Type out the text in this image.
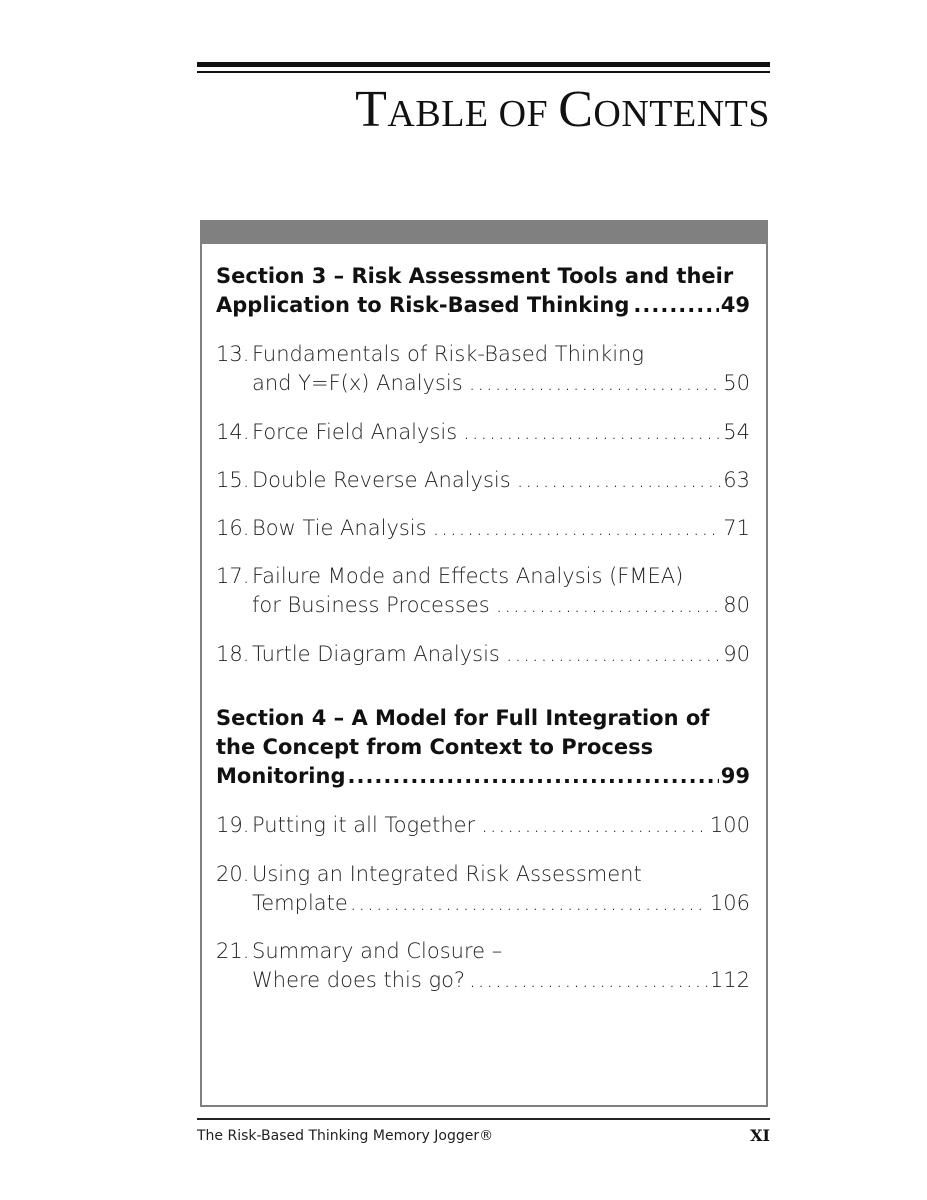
TABLE OF CONTENTS
Section 3 – Risk Assessment Tools and their
Application to Risk-Based Thinking .....	49
13. Fundamentals of Risk-Based Thinking
and Y=F(x) Analysis .....	50
14. Force Field Analysis .....	54
15. Double Reverse Analysis .....	63
16. Bow Tie Analysis .....	71
17. Failure Mode and Effects Analysis (FMEA)
for Business Processes .....	80
18. Turtle Diagram Analysis .....	90
Section 4 – A Model for Full Integration of
the Concept from Context to Process
Monitoring .....	99
19. Putting it all Together .....	100
20. Using an Integrated Risk Assessment
Template .....	106
21. Summary and Closure –
Where does this go? .....	112
The Risk-Based Thinking Memory Jogger®	XI
